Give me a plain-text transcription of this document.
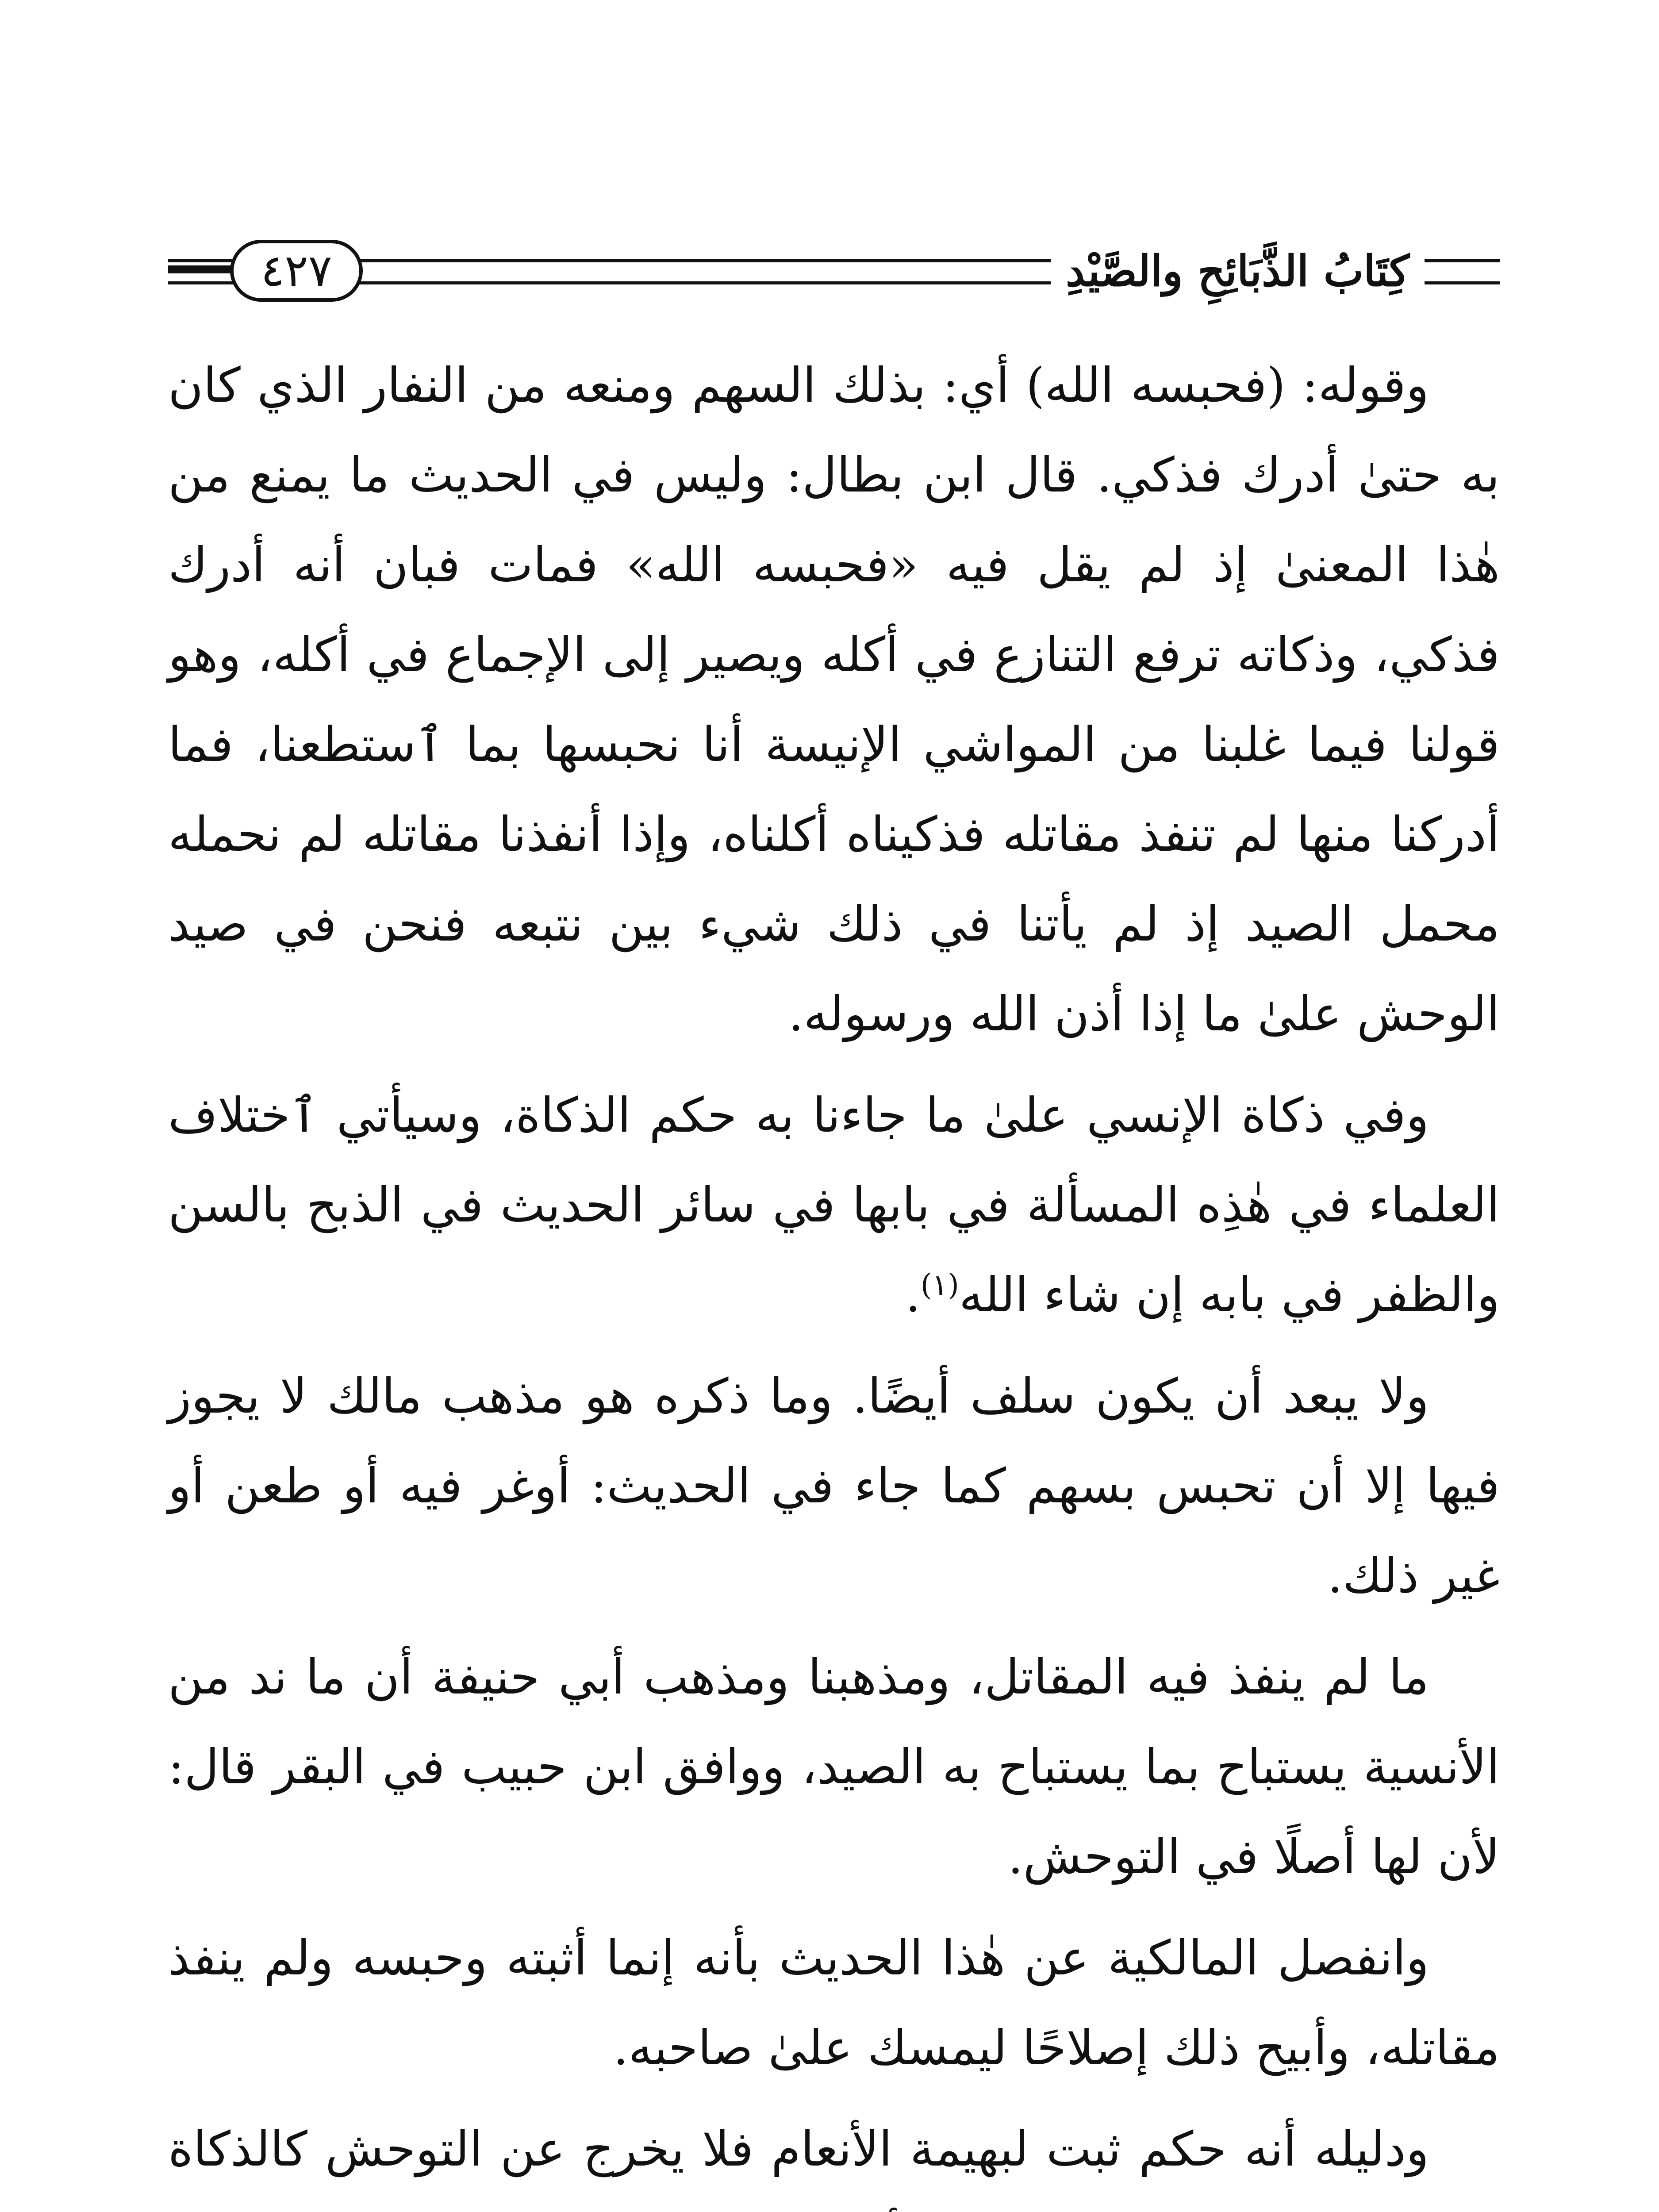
٤٢٧	كِتَابُ الذَّبَائِحِ والصَّيْدِ

وقوله: (فحبسه الله) أي: بذلك السهم ومنعه من النفار الذي كان به حتىٰ أدرك فذكي. قال ابن بطال: وليس في الحديث ما يمنع من هٰذا المعنىٰ إذ لم يقل فيه «فحبسه الله» فمات فبان أنه أدرك فذكي، وذكاته ترفع التنازع في أكله ويصير إلى الإجماع في أكله، وهو قولنا فيما غلبنا من المواشي الإنيسة أنا نحبسها بما ٱستطعنا، فما أدركنا منها لم تنفذ مقاتله فذكيناه أكلناه، وإذا أنفذنا مقاتله لم نحمله محمل الصيد إذ لم يأتنا في ذلك شيء بين نتبعه فنحن في صيد الوحش علىٰ ما إذا أذن الله ورسوله.

وفي ذكاة الإنسي علىٰ ما جاءنا به حكم الذكاة، وسيأتي ٱختلاف العلماء في هٰذِه المسألة في بابها في سائر الحديث في الذبح بالسن والظفر في بابه إن شاء الله$^{(١)}$.

ولا يبعد أن يكون سلف أيضًا. وما ذكره هو مذهب مالك لا يجوز فيها إلا أن تحبس بسهم كما جاء في الحديث: أوغر فيه أو طعن أو غير ذلك.

ما لم ينفذ فيه المقاتل، ومذهبنا ومذهب أبي حنيفة أن ما ند من الأنسية يستباح بما يستباح به الصيد، ووافق ابن حبيب في البقر قال: لأن لها أصلًا في التوحش.

وانفصل المالكية عن هٰذا الحديث بأنه إنما أثبته وحبسه ولم ينفذ مقاتله، وأبيح ذلك إصلاحًا ليمسك علىٰ صاحبه.

ودليله أنه حكم ثبت لبهيمة الأنعام فلا يخرج عن التوحش كالذكاة
